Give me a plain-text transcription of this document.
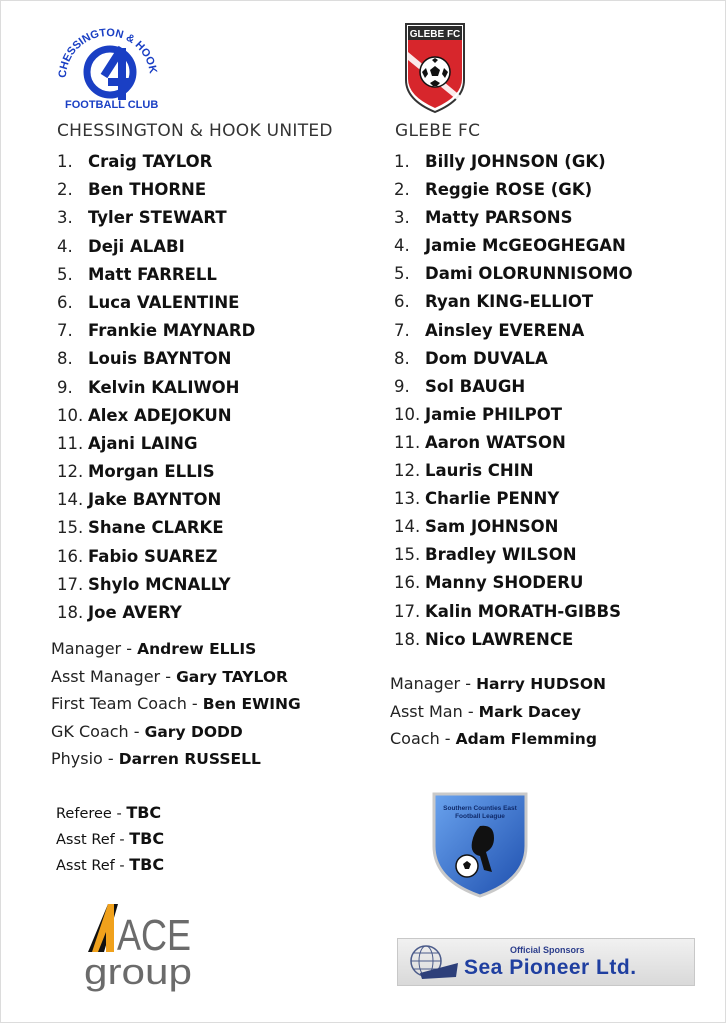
CHESSINGTON & HOOK
FOOTBALL CLUB
GLEBE FC
CHESSINGTON & HOOK UNITED	GLEBE FC
1. Craig TAYLOR
2. Ben THORNE
3. Tyler STEWART
4. Deji ALABI
5. Matt FARRELL
6. Luca VALENTINE
7. Frankie MAYNARD
8. Louis BAYNTON
9. Kelvin KALIWOH
10. Alex ADEJOKUN
11. Ajani LAING
12. Morgan ELLIS
14. Jake BAYNTON
15. Shane CLARKE
16. Fabio SUAREZ
17. Shylo MCNALLY
18. Joe AVERY
1. Billy JOHNSON (GK)
2. Reggie ROSE (GK)
3. Matty PARSONS
4. Jamie McGEOGHEGAN
5. Dami OLORUNNISOMO
6. Ryan KING-ELLIOT
7. Ainsley EVERENA
8. Dom DUVALA
9. Sol BAUGH
10. Jamie PHILPOT
11. Aaron WATSON
12. Lauris CHIN
13. Charlie PENNY
14. Sam JOHNSON
15. Bradley WILSON
16. Manny SHODERU
17. Kalin MORATH-GIBBS
18. Nico LAWRENCE
Manager - Andrew ELLIS
Asst Manager - Gary TAYLOR
First Team Coach - Ben EWING
GK Coach - Gary DODD
Physio - Darren RUSSELL
Manager - Harry HUDSON
Asst Man - Mark Dacey
Coach - Adam Flemming
Referee - TBC
Asst Ref - TBC
Asst Ref - TBC
Southern Counties East
Football League
ACE
group
Official Sponsors
Sea Pioneer Ltd.
